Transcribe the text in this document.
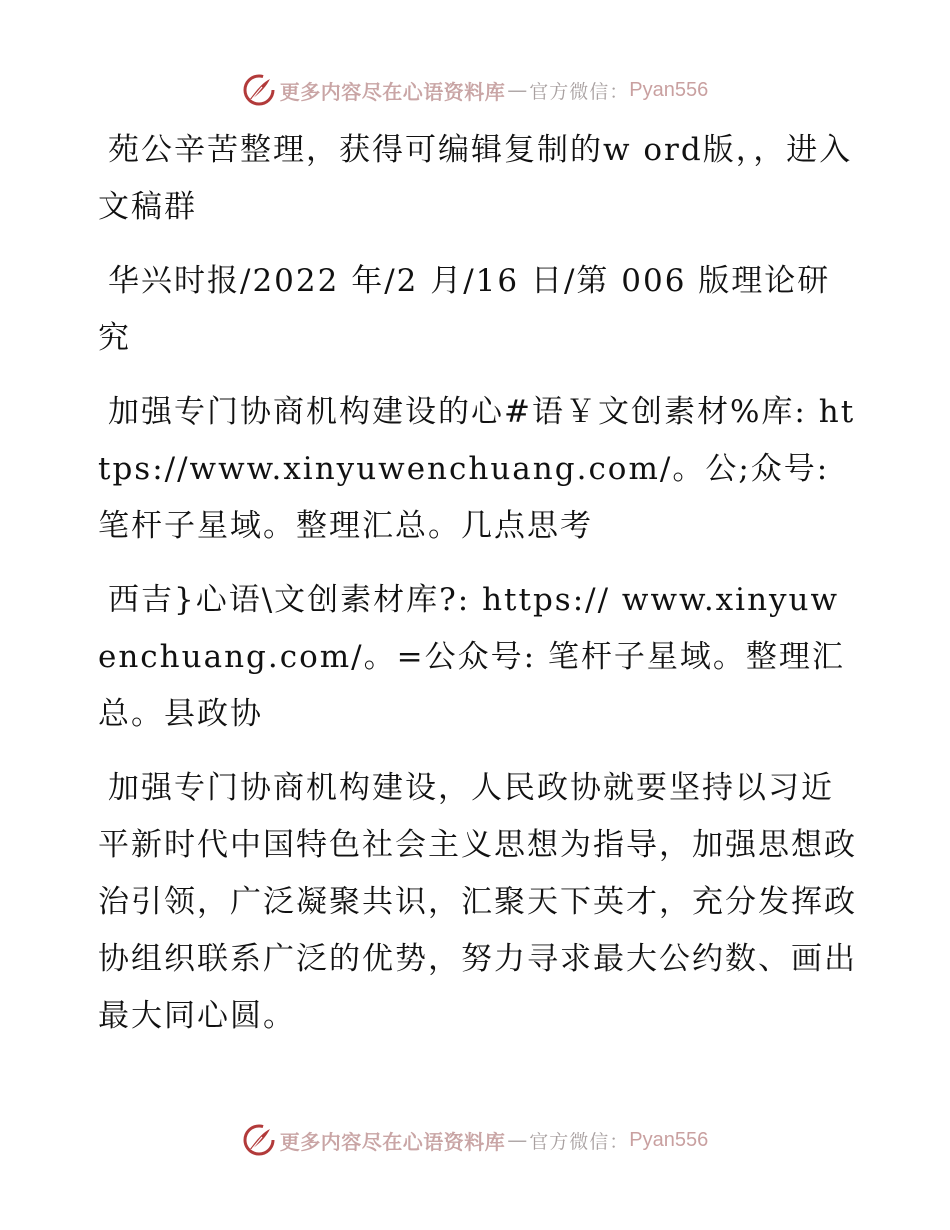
更多内容尽在心语资料库 — 官方微信： Pyan556

苑公辛苦整理，获得可编辑复制的w ord版，，进入文稿群

华兴时报/2022 年/2 月/16 日/第 006 版理论研究

加强专门协商机构建设的心#语￥文创素材%库: https://www.xinyuwenchuang.com/。公;众号: 笔杆子星域。整理汇总。几点思考

西吉}心语\文创素材库?: https:// www.xinyuwenchuang.com/。=公众号: 笔杆子星域。整理汇总。县政协

加强专门协商机构建设，人民政协就要坚持以习近平新时代中国特色社会主义思想为指导，加强思想政治引领，广泛凝聚共识，汇聚天下英才，充分发挥政协组织联系广泛的优势，努力寻求最大公约数、画出最大同心圆。

更多内容尽在心语资料库 — 官方微信： Pyan556
